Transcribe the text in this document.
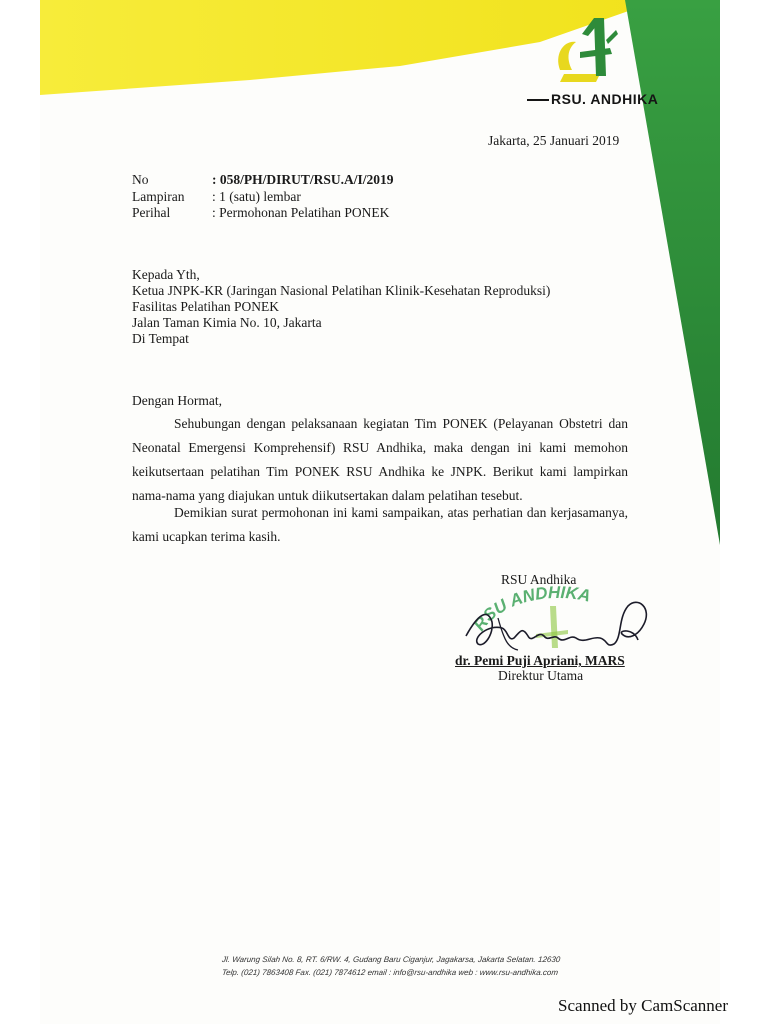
RSU. ANDHIKA
Jakarta, 25 Januari 2019
No	: 058/PH/DIRUT/RSU.A/I/2019
Lampiran : 1 (satu) lembar
Perihal	: Permohonan Pelatihan PONEK
Kepada Yth,
Ketua JNPK-KR (Jaringan Nasional Pelatihan Klinik-Kesehatan Reproduksi)
Fasilitas Pelatihan PONEK
Jalan Taman Kimia No. 10, Jakarta
Di Tempat
Dengan Hormat,
Sehubungan dengan pelaksanaan kegiatan Tim PONEK (Pelayanan Obstetri dan Neonatal Emergensi Komprehensif) RSU Andhika, maka dengan ini kami memohon keikutsertaan pelatihan Tim PONEK RSU Andhika ke JNPK. Berikut kami lampirkan nama-nama yang diajukan untuk diikutsertakan dalam pelatihan tesebut.
Demikian surat permohonan ini kami sampaikan, atas perhatian dan kerjasamanya, kami ucapkan terima kasih.
RSU Andhika
RSU ANDHIKA
dr. Pemi Puji Apriani, MARS
Direktur Utama
Jl. Warung Silah No. 8, RT. 6/RW. 4, Gudang Baru Ciganjur, Jagakarsa, Jakarta Selatan. 12630
Telp. (021) 7863408 Fax. (021) 7874612 email : info@rsu-andhika web : www.rsu-andhika.com
Scanned by CamScanner
